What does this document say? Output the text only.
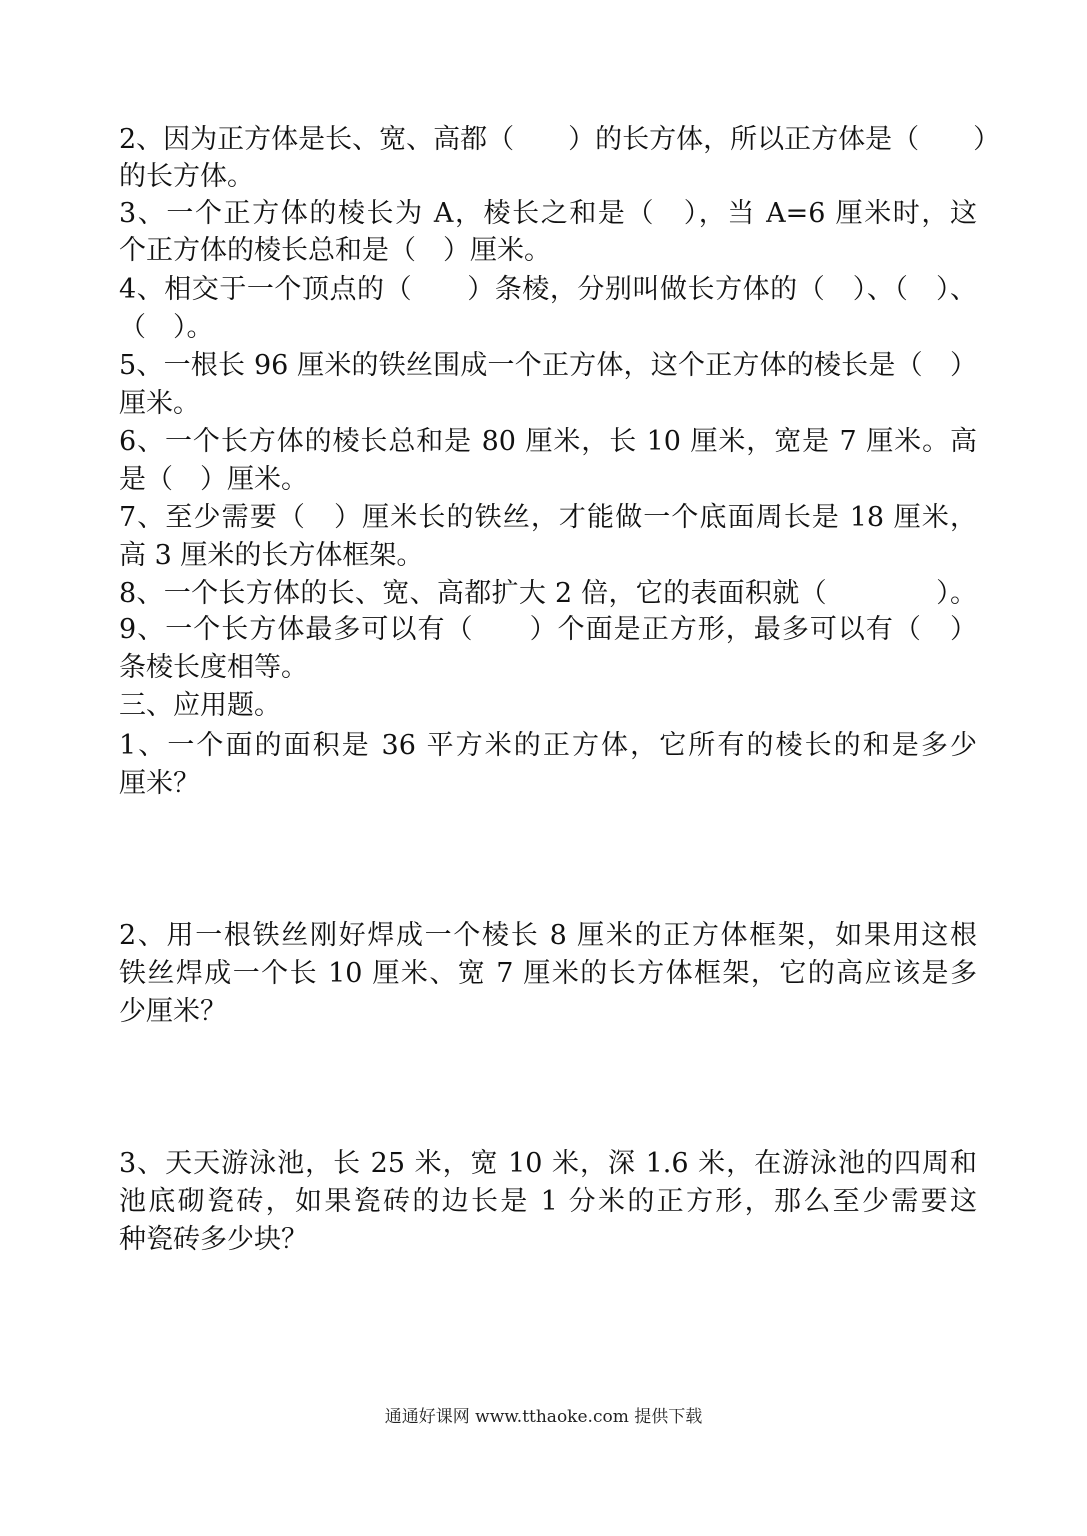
2、因为正方体是长、宽、高都（　　）的长方体，所以正方体是（　　）
的长方体。
3、一个正方体的棱长为 A，棱长之和是（　），当 A=6 厘米时，这
个正方体的棱长总和是（　）厘米。
4、相交于一个顶点的（　　）条棱，分别叫做长方体的（　）、（　）、
（　）。
5、一根长 96 厘米的铁丝围成一个正方体，这个正方体的棱长是（　）
厘米。
6、一个长方体的棱长总和是 80 厘米，长 10 厘米，宽是 7 厘米。高
是（　）厘米。
7、至少需要（　）厘米长的铁丝，才能做一个底面周长是 18 厘米，
高 3 厘米的长方体框架。
8、一个长方体的长、宽、高都扩大 2 倍，它的表面积就（　　　　）。
9、一个长方体最多可以有（　　）个面是正方形，最多可以有（　）
条棱长度相等。
三、应用题。
1、一个面的面积是 36 平方米的正方体，它所有的棱长的和是多少
厘米？
2、用一根铁丝刚好焊成一个棱长 8 厘米的正方体框架，如果用这根
铁丝焊成一个长 10 厘米、宽 7 厘米的长方体框架，它的高应该是多
少厘米？
3、天天游泳池，长 25 米，宽 10 米，深 1.6 米，在游泳池的四周和
池底砌瓷砖，如果瓷砖的边长是 1 分米的正方形，那么至少需要这
种瓷砖多少块？
通通好课网 www.tthaoke.com 提供下载
